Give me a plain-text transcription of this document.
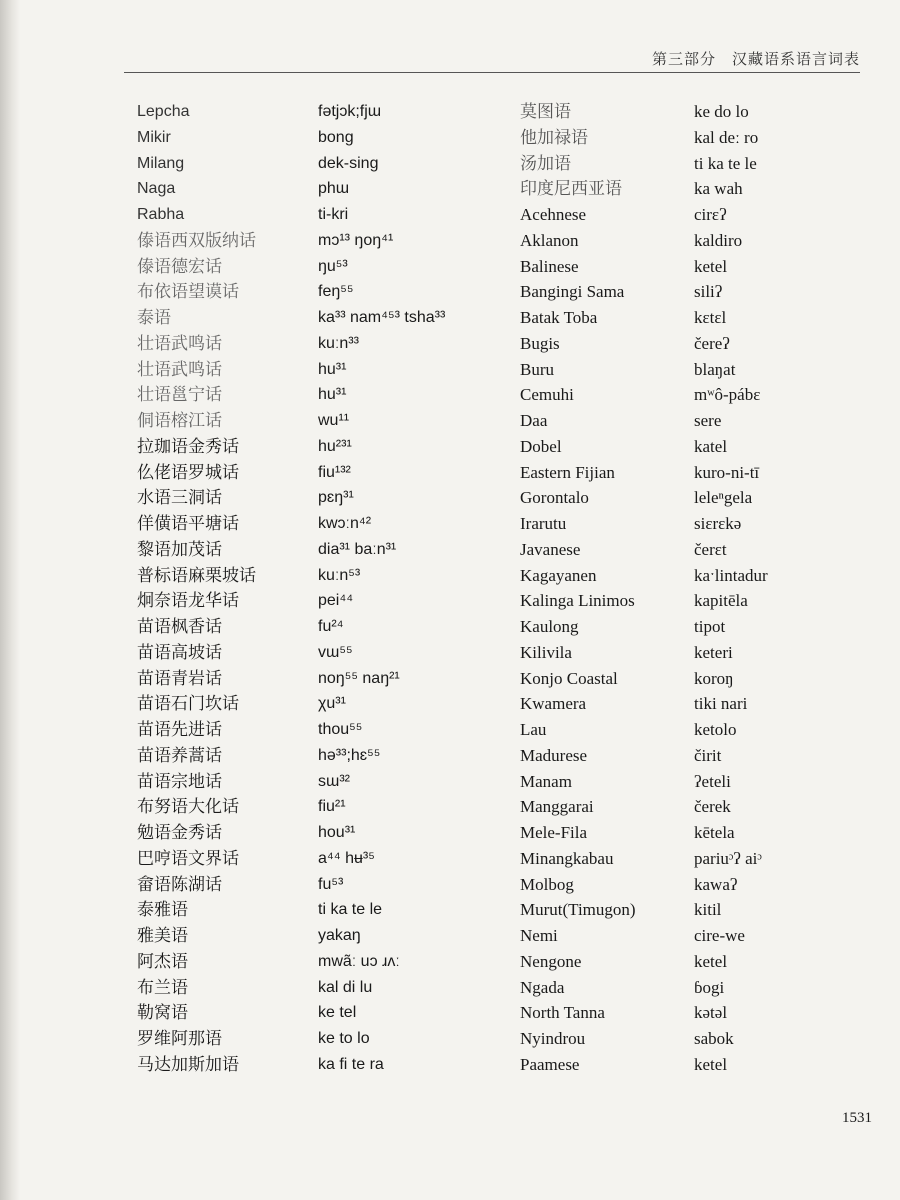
第三部分　汉藏语系语言词表
Lepcha	fətjɔk;fjɯ	莫图语	ke do lo
Mikir	bong	他加禄语	kal deː ro
Milang	dek-sing	汤加语	ti ka te le
Naga	phɯ	印度尼西亚语	ka wah
Rabha	ti-kri	Acehnese	cirɛʔ
傣语西双版纳话	mɔ¹³ ŋoŋ⁴¹	Aklanon	kaldiro
傣语德宏话	ŋu⁵³	Balinese	ketel
布依语望谟话	feŋ⁵⁵	Bangingi Sama	siliʔ
泰语	ka³³ nam⁴⁵³ tsha³³	Batak Toba	kɛtɛl
壮语武鸣话	kuːn³³	Bugis	čereʔ
壮语武鸣话	hu³¹	Buru	blaŋat
壮语邕宁话	hu³¹	Cemuhi	mʷô-pábɛ
侗语榕江话	wu¹¹	Daa	sere
拉珈语金秀话	hu²³¹	Dobel	katel
仫佬语罗城话	fiu¹³²	Eastern Fijian	kuro-ni-tī
水语三洞话	pɛŋ³¹	Gorontalo	leleⁿgela
佯僙语平塘话	kwɔːn⁴²	Irarutu	siɛrɛkə
黎语加茂话	dia³¹ baːn³¹	Javanese	čerɛt
普标语麻栗坡话	kuːn⁵³	Kagayanen	kaˑlintadur
炯奈语龙华话	pei⁴⁴	Kalinga Linimos	kapitēla
苗语枫香话	fu²⁴	Kaulong	tipot
苗语高坡话	vɯ⁵⁵	Kilivila	keteri
苗语青岩话	noŋ⁵⁵ naŋ²¹	Konjo Coastal	koroŋ
苗语石门坎话	χu³¹	Kwamera	tiki nari
苗语先进话	thou⁵⁵	Lau	ketolo
苗语养蒿话	hə³³;hɛ⁵⁵	Madurese	čirit
苗语宗地话	sɯ³²	Manam	ʔeteli
布努语大化话	fiu²¹	Manggarai	čerek
勉语金秀话	hou³¹	Mele-Fila	kētela
巴哼语文界话	a⁴⁴ hʉ³⁵	Minangkabau	pariuᵓʔ aiᵓ
畲语陈湖话	fu⁵³	Molbog	kawaʔ
泰雅语	ti ka te le	Murut(Timugon)	kitil
雅美语	yakaŋ	Nemi	cire-we
阿杰语	mwãː uɔ ɹʌː	Nengone	ketel
布兰语	kal di lu	Ngada	ɓogi
勒窝语	ke tel	North Tanna	kətəl
罗维阿那语	ke to lo	Nyindrou	sabok
马达加斯加语	ka fi te ra	Paamese	ketel
1531
